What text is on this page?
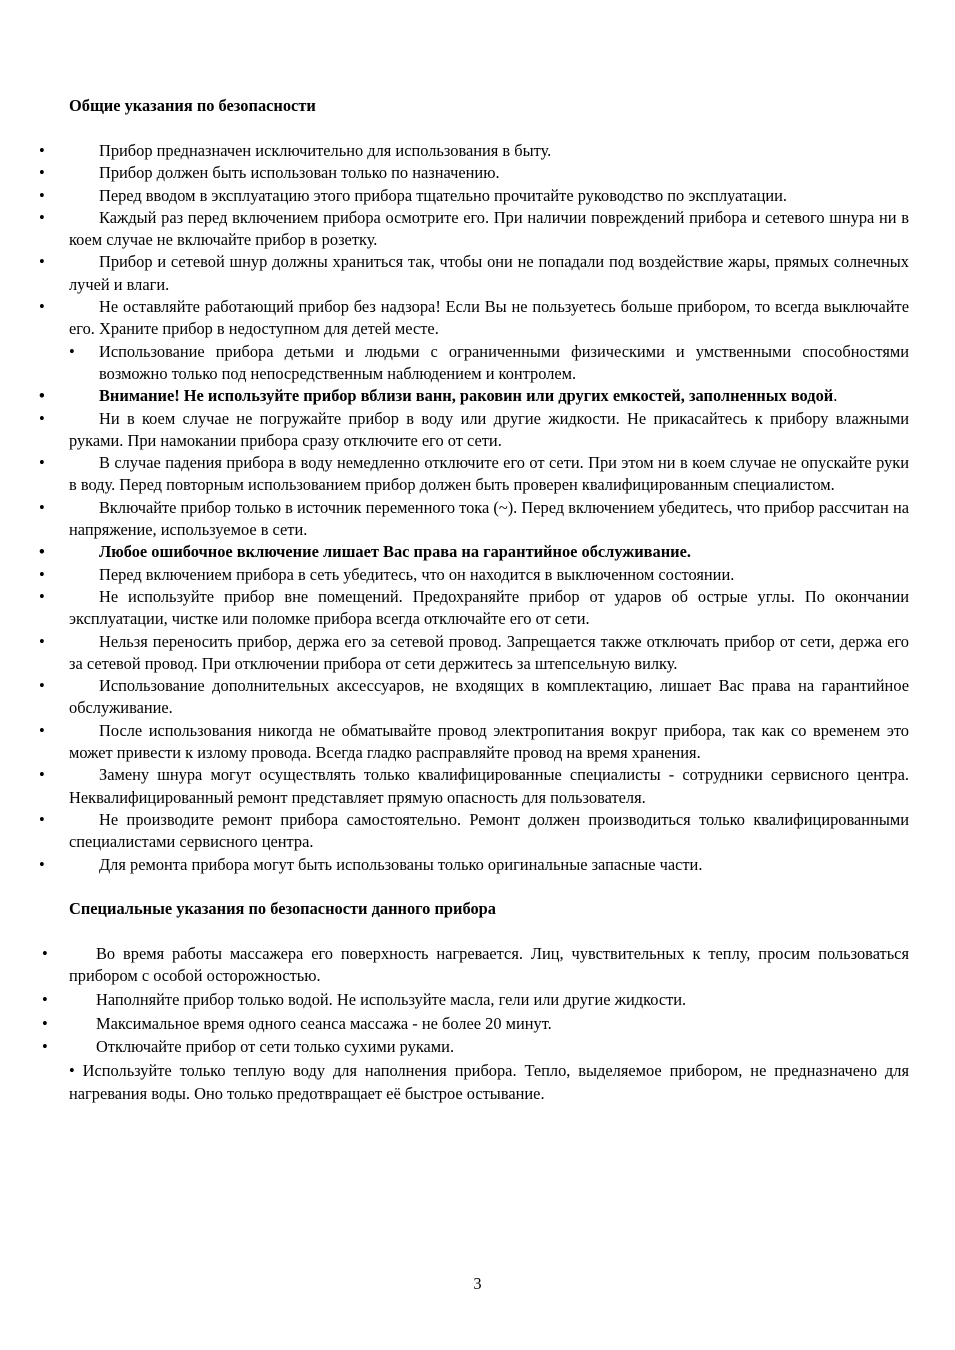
Общие указания по безопасности
• Прибор предназначен исключительно для использования в быту.
• Прибор должен быть использован только по назначению.
• Перед вводом в эксплуатацию этого прибора тщательно прочитайте руководство по эксплуатации.
• Каждый раз перед включением прибора осмотрите его. При наличии повреждений прибора и сетевого шнура ни в коем случае не включайте прибор в розетку.
• Прибор и сетевой шнур должны храниться так, чтобы они не попадали под воздействие жары, прямых солнечных лучей и влаги.
• Не оставляйте работающий прибор без надзора! Если Вы не пользуетесь больше прибором, то всегда выключайте его. Храните прибор в недоступном для детей месте.
• Использование прибора детьми и людьми с ограниченными физическими и умственными способностями возможно только под непосредственным наблюдением и контролем.
• Внимание! Не используйте прибор вблизи ванн, раковин или других емкостей, заполненных водой.
• Ни в коем случае не погружайте прибор в воду или другие жидкости. Не прикасайтесь к прибору влажными руками. При намокании прибора сразу отключите его от сети.
• В случае падения прибора в воду немедленно отключите его от сети. При этом ни в коем случае не опускайте руки в воду. Перед повторным использованием прибор должен быть проверен квалифицированным специалистом.
• Включайте прибор только в источник переменного тока (~). Перед включением убедитесь, что прибор рассчитан на напряжение, используемое в сети.
• Любое ошибочное включение лишает Вас права на гарантийное обслуживание.
• Перед включением прибора в сеть убедитесь, что он находится в выключенном состоянии.
• Не используйте прибор вне помещений. Предохраняйте прибор от ударов об острые углы. По окончании эксплуатации, чистке или поломке прибора всегда отключайте его от сети.
• Нельзя переносить прибор, держа его за сетевой провод. Запрещается также отключать прибор от сети, держа его за сетевой провод. При отключении прибора от сети держитесь за штепсельную вилку.
• Использование дополнительных аксессуаров, не входящих в комплектацию, лишает Вас права на гарантийное обслуживание.
• После использования никогда не обматывайте провод электропитания вокруг прибора, так как со временем это может привести к излому провода. Всегда гладко расправляйте провод на время хранения.
• Замену шнура могут осуществлять только квалифицированные специалисты - сотрудники сервисного центра. Неквалифицированный ремонт представляет прямую опасность для пользователя.
• Не производите ремонт прибора самостоятельно. Ремонт должен производиться только квалифицированными специалистами сервисного центра.
• Для ремонта прибора могут быть использованы только оригинальные запасные части.
Специальные указания по безопасности данного прибора
• Во время работы массажера его поверхность нагревается. Лиц, чувствительных к теплу, просим пользоваться прибором с особой осторожностью.
• Наполняйте прибор только водой. Не используйте масла, гели или другие жидкости.
• Максимальное время одного сеанса массажа - не более 20 минут.
• Отключайте прибор от сети только сухими руками.
• Используйте только теплую воду для наполнения прибора. Тепло, выделяемое прибором, не предназначено для нагревания воды. Оно только предотвращает её быстрое остывание.
3
